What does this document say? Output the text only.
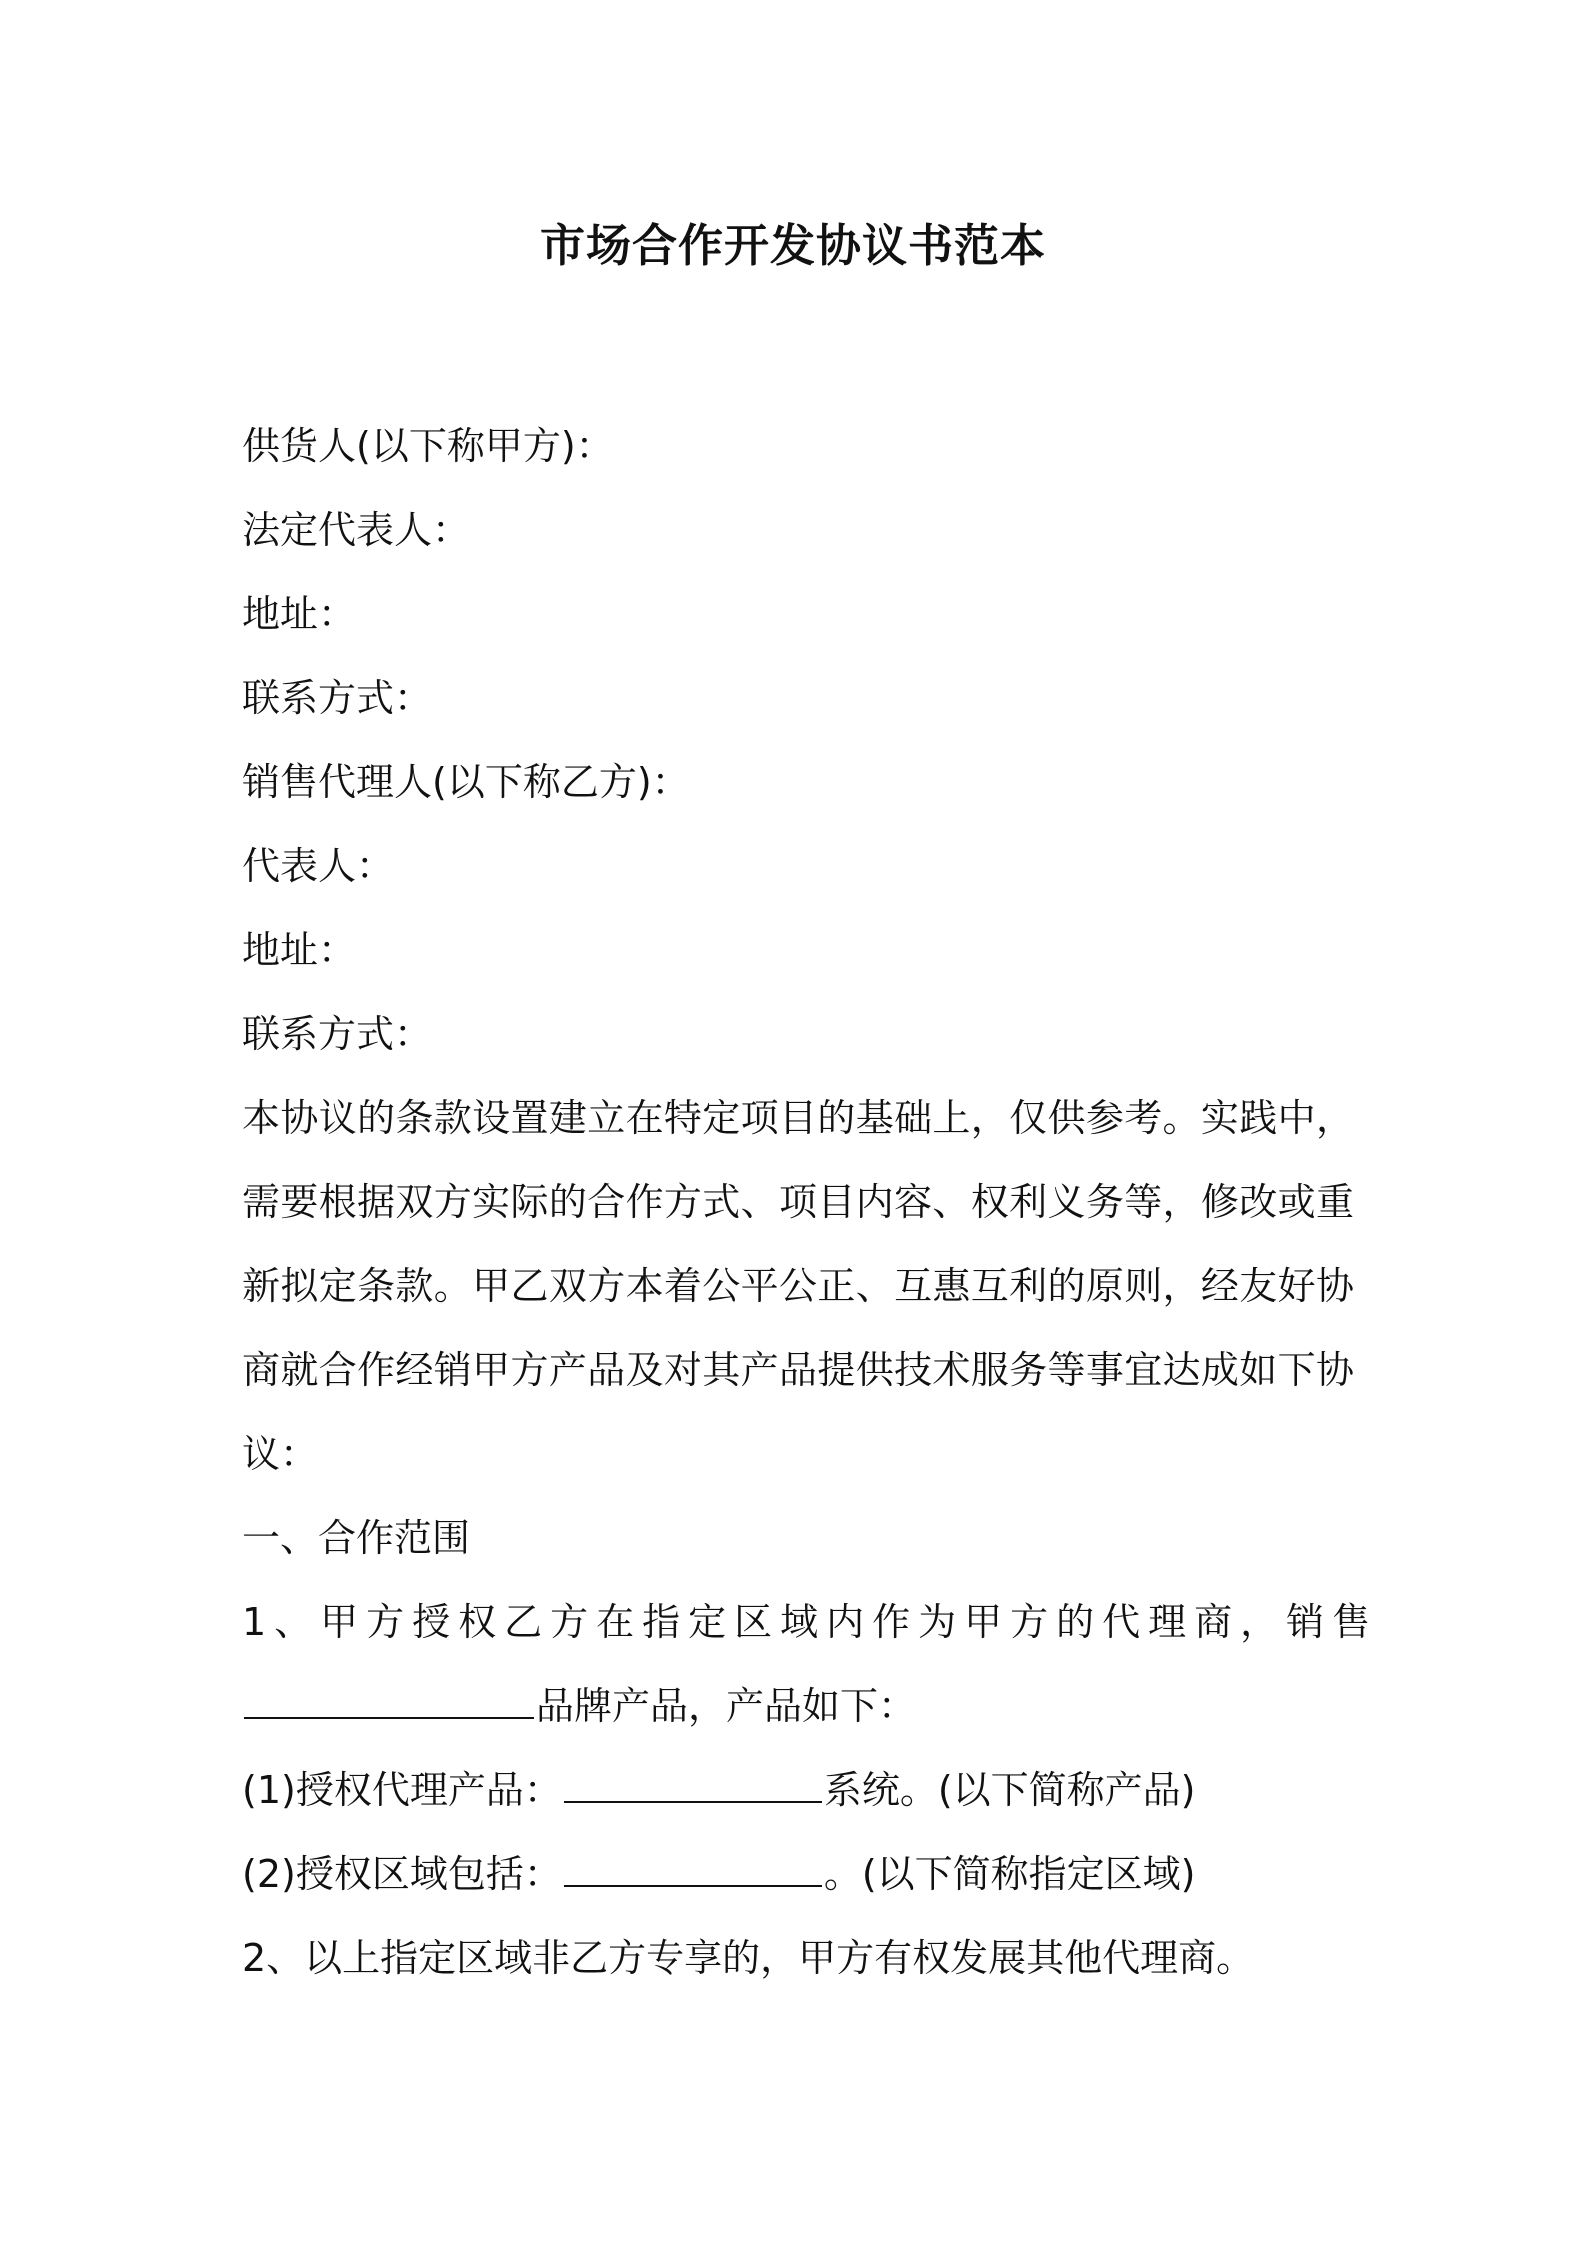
市场合作开发协议书范本
供货人(以下称甲方)：
法定代表人：
地址：
联系方式：
销售代理人(以下称乙方)：
代表人：
地址：
联系方式：

本协议的条款设置建立在特定项目的基础上，仅供参考。实践中，需要根据双方实际的合作方式、项目内容、权利义务等，修改或重新拟定条款。甲乙双方本着公平公正、互惠互利的原则，经友好协商就合作经销甲方产品及对其产品提供技术服务等事宜达成如下协议：

一、合作范围
1、甲方授权乙方在指定区域内作为甲方的代理商，销售
品牌产品，产品如下：
(1)授权代理产品：	系统。(以下简称产品)
(2)授权区域包括：	。(以下简称指定区域)
2、以上指定区域非乙方专享的，甲方有权发展其他代理商。
